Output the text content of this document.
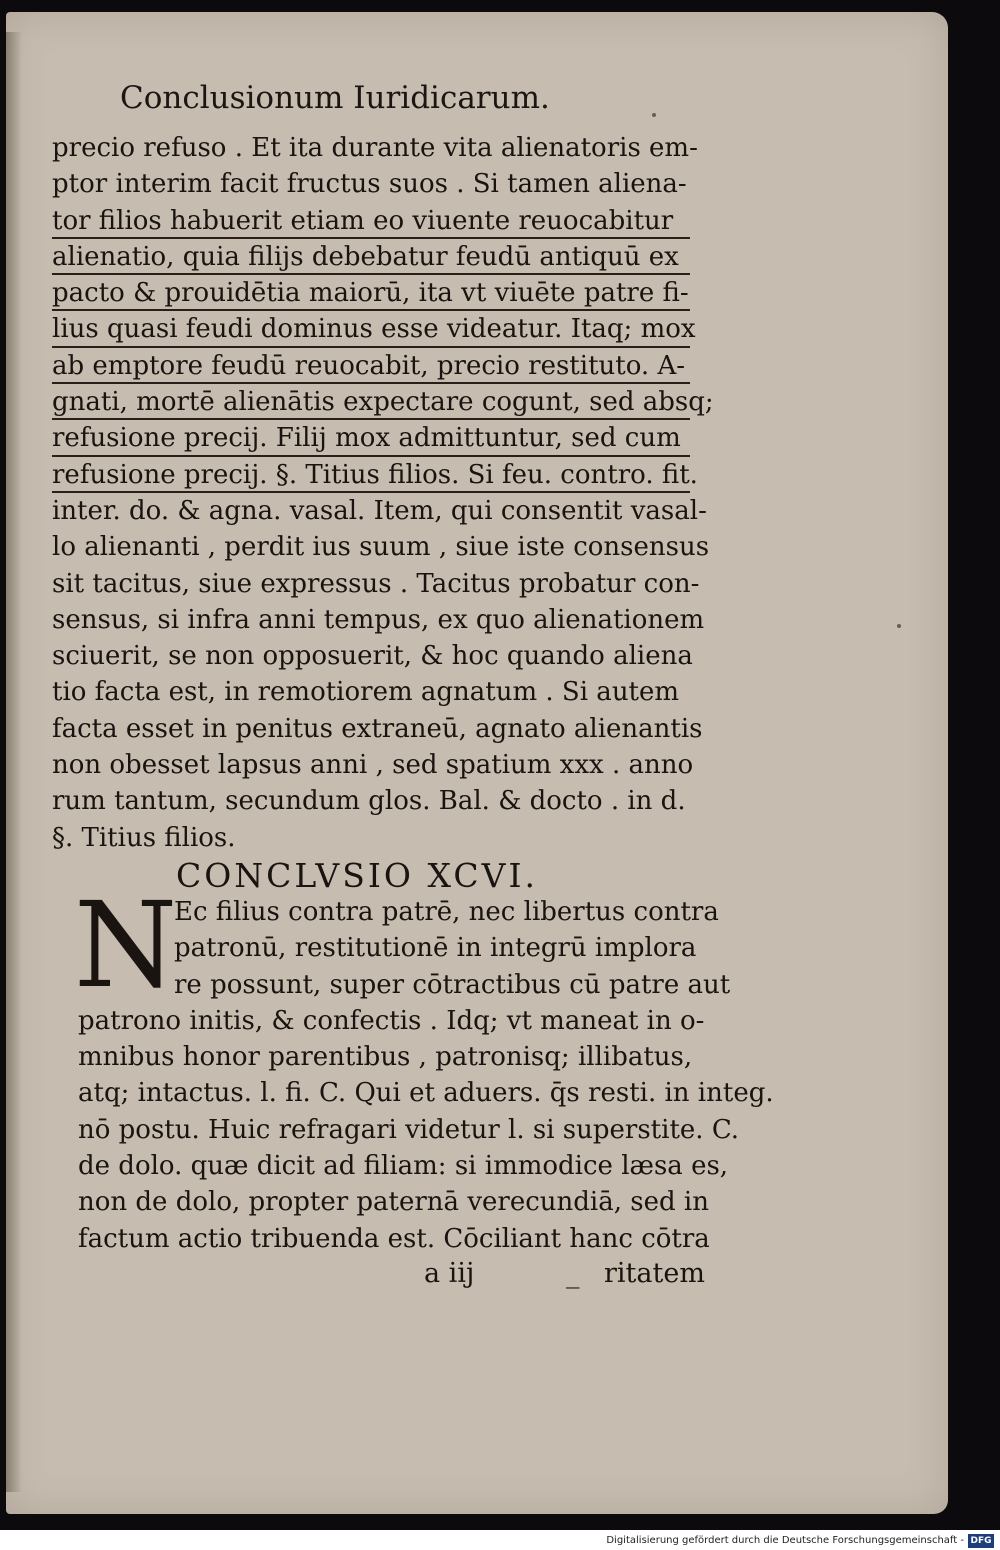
Conclusionum Iuridicarum.
precio refuso . Et ita durante vita alienatoris em-
ptor interim facit fructus suos . Si tamen aliena-
tor filios habuerit etiam eo viuente reuocabitur
alienatio, quia filijs debebatur feudū antiquū ex
pacto & prouidētia maiorū, ita vt viuēte patre fi-
lius quasi feudi dominus esse videatur. Itaq; mox
ab emptore feudū reuocabit, precio restituto. A-
gnati, mortē alienātis expectare cogunt, sed absq;
refusione precij. Filij mox admittuntur, sed cum
refusione precij. §. Titius filios. Si feu. contro. fit.
inter. do. & agna. vasal. Item, qui consentit vasal-
lo alienanti , perdit ius suum , siue iste consensus
sit tacitus, siue expressus . Tacitus probatur con-
sensus, si infra anni tempus, ex quo alienationem
sciuerit, se non opposuerit, & hoc quando aliena
tio facta est, in remotiorem agnatum . Si autem
facta esset in penitus extraneū, agnato alienantis
non obesset lapsus anni , sed spatium xxx . anno
rum tantum, secundum glos. Bal. & docto . in d.
§. Titius filios.
CONCLVSIO XCVI.
N
Ec filius contra patrē, nec libertus contra
patronū, restitutionē in integrū implora
re possunt, super cōtractibus cū patre aut
patrono initis, & confectis . Idq; vt maneat in o-
mnibus honor parentibus , patronisq; illibatus,
atq; intactus. l. fi. C. Qui et aduers. q̄s resti. in integ.
nō postu. Huic refragari videtur l. si superstite. C.
de dolo. quæ dicit ad filiam: si immodice læsa es,
non de dolo, propter paternā verecundiā, sed in
factum actio tribuenda est. Cōciliant hanc cōtra
a iij	_ ritatem
Digitalisierung gefördert durch die Deutsche Forschungsgemeinschaft - DFG
